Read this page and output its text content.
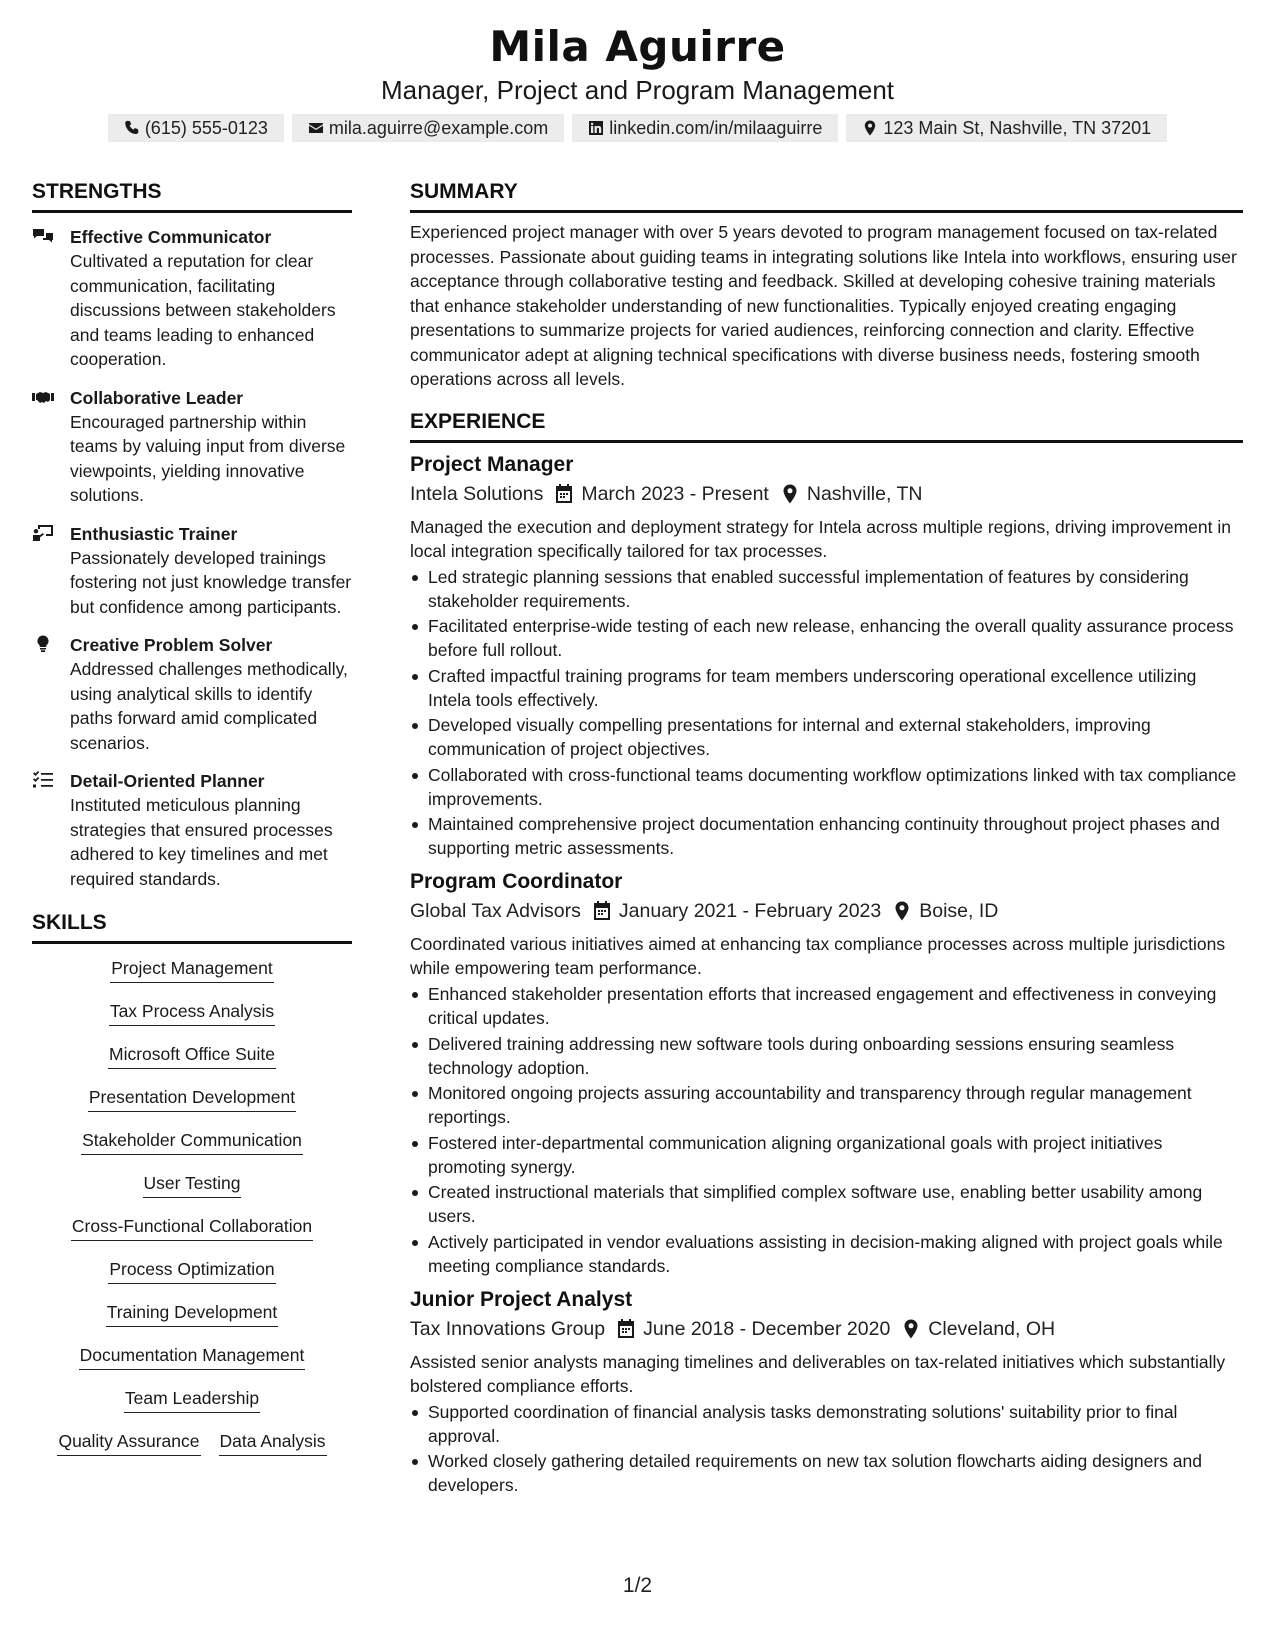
Mila Aguirre
Manager, Project and Program Management
(615) 555-0123	mila.aguirre@example.com	linkedin.com/in/milaaguirre	123 Main St, Nashville, TN 37201
STRENGTHS
Effective Communicator
Cultivated a reputation for clear communication, facilitating discussions between stakeholders and teams leading to enhanced cooperation.
Collaborative Leader
Encouraged partnership within teams by valuing input from diverse viewpoints, yielding innovative solutions.
Enthusiastic Trainer
Passionately developed trainings fostering not just knowledge transfer but confidence among participants.
Creative Problem Solver
Addressed challenges methodically, using analytical skills to identify paths forward amid complicated scenarios.
Detail-Oriented Planner
Instituted meticulous planning strategies that ensured processes adhered to key timelines and met required standards.
SKILLS
Project Management
Tax Process Analysis
Microsoft Office Suite
Presentation Development
Stakeholder Communication
User Testing
Cross-Functional Collaboration
Process Optimization
Training Development
Documentation Management
Team Leadership
Quality Assurance Data Analysis
SUMMARY
Experienced project manager with over 5 years devoted to program management focused on tax-related processes. Passionate about guiding teams in integrating solutions like Intela into workflows, ensuring user acceptance through collaborative testing and feedback. Skilled at developing cohesive training materials that enhance stakeholder understanding of new functionalities. Typically enjoyed creating engaging presentations to summarize projects for varied audiences, reinforcing connection and clarity. Effective communicator adept at aligning technical specifications with diverse business needs, fostering smooth operations across all levels.
EXPERIENCE
Project Manager
Intela Solutions March 2023 - Present Nashville, TN
Managed the execution and deployment strategy for Intela across multiple regions, driving improvement in local integration specifically tailored for tax processes.
Led strategic planning sessions that enabled successful implementation of features by considering stakeholder requirements.
Facilitated enterprise-wide testing of each new release, enhancing the overall quality assurance process before full rollout.
Crafted impactful training programs for team members underscoring operational excellence utilizing Intela tools effectively.
Developed visually compelling presentations for internal and external stakeholders, improving communication of project objectives.
Collaborated with cross-functional teams documenting workflow optimizations linked with tax compliance improvements.
Maintained comprehensive project documentation enhancing continuity throughout project phases and supporting metric assessments.
Program Coordinator
Global Tax Advisors January 2021 - February 2023 Boise, ID
Coordinated various initiatives aimed at enhancing tax compliance processes across multiple jurisdictions while empowering team performance.
Enhanced stakeholder presentation efforts that increased engagement and effectiveness in conveying critical updates.
Delivered training addressing new software tools during onboarding sessions ensuring seamless technology adoption.
Monitored ongoing projects assuring accountability and transparency through regular management reportings.
Fostered inter-departmental communication aligning organizational goals with project initiatives promoting synergy.
Created instructional materials that simplified complex software use, enabling better usability among users.
Actively participated in vendor evaluations assisting in decision-making aligned with project goals while meeting compliance standards.
Junior Project Analyst
Tax Innovations Group June 2018 - December 2020 Cleveland, OH
Assisted senior analysts managing timelines and deliverables on tax-related initiatives which substantially bolstered compliance efforts.
Supported coordination of financial analysis tasks demonstrating solutions' suitability prior to final approval.
Worked closely gathering detailed requirements on new tax solution flowcharts aiding designers and developers.
1/2
